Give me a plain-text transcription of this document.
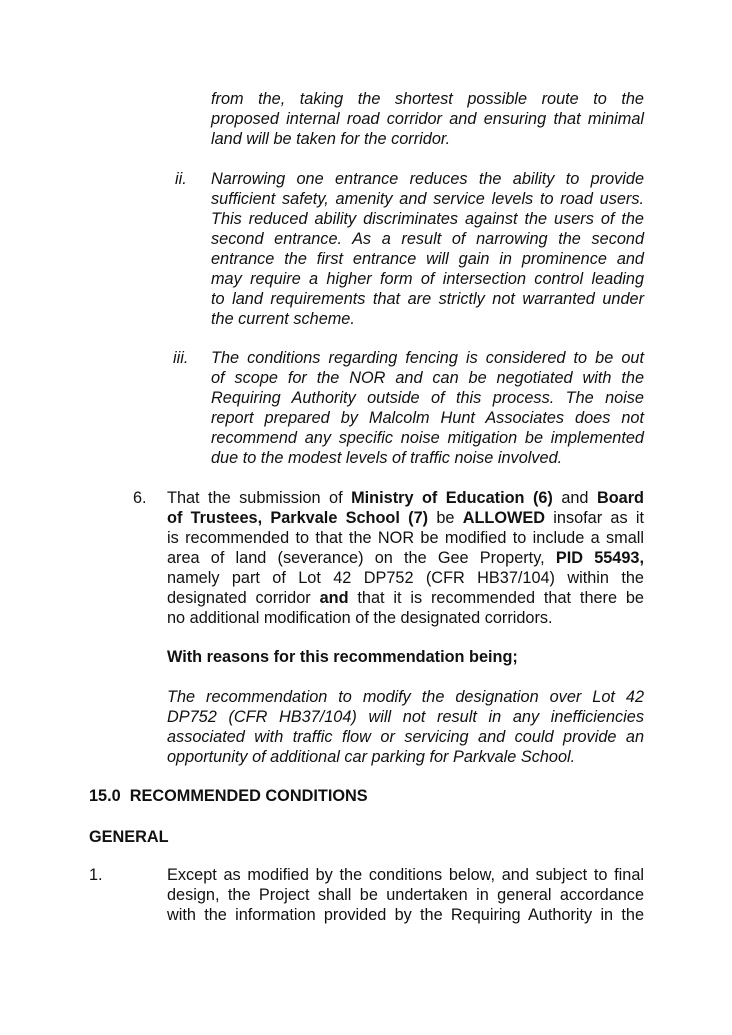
from the, taking the shortest possible route to the
proposed internal road corridor and ensuring that minimal
land will be taken for the corridor.
ii. Narrowing one entrance reduces the ability to provide
sufficient safety, amenity and service levels to road users.
This reduced ability discriminates against the users of the
second entrance. As a result of narrowing the second
entrance the first entrance will gain in prominence and
may require a higher form of intersection control leading
to land requirements that are strictly not warranted under
the current scheme.
iii. The conditions regarding fencing is considered to be out
of scope for the NOR and can be negotiated with the
Requiring Authority outside of this process. The noise
report prepared by Malcolm Hunt Associates does not
recommend any specific noise mitigation be implemented
due to the modest levels of traffic noise involved.
6. That the submission of Ministry of Education (6) and Board
of Trustees, Parkvale School (7) be ALLOWED insofar as it
is recommended to that the NOR be modified to include a small
area of land (severance) on the Gee Property, PID 55493,
namely part of Lot 42 DP752 (CFR HB37/104) within the
designated corridor and that it is recommended that there be
no additional modification of the designated corridors.
With reasons for this recommendation being;
The recommendation to modify the designation over Lot 42
DP752 (CFR HB37/104) will not result in any inefficiencies
associated with traffic flow or servicing and could provide an
opportunity of additional car parking for Parkvale School.
15.0  RECOMMENDED CONDITIONS
GENERAL
1.	Except as modified by the conditions below, and subject to final
design, the Project shall be undertaken in general accordance
with the information provided by the Requiring Authority in the
